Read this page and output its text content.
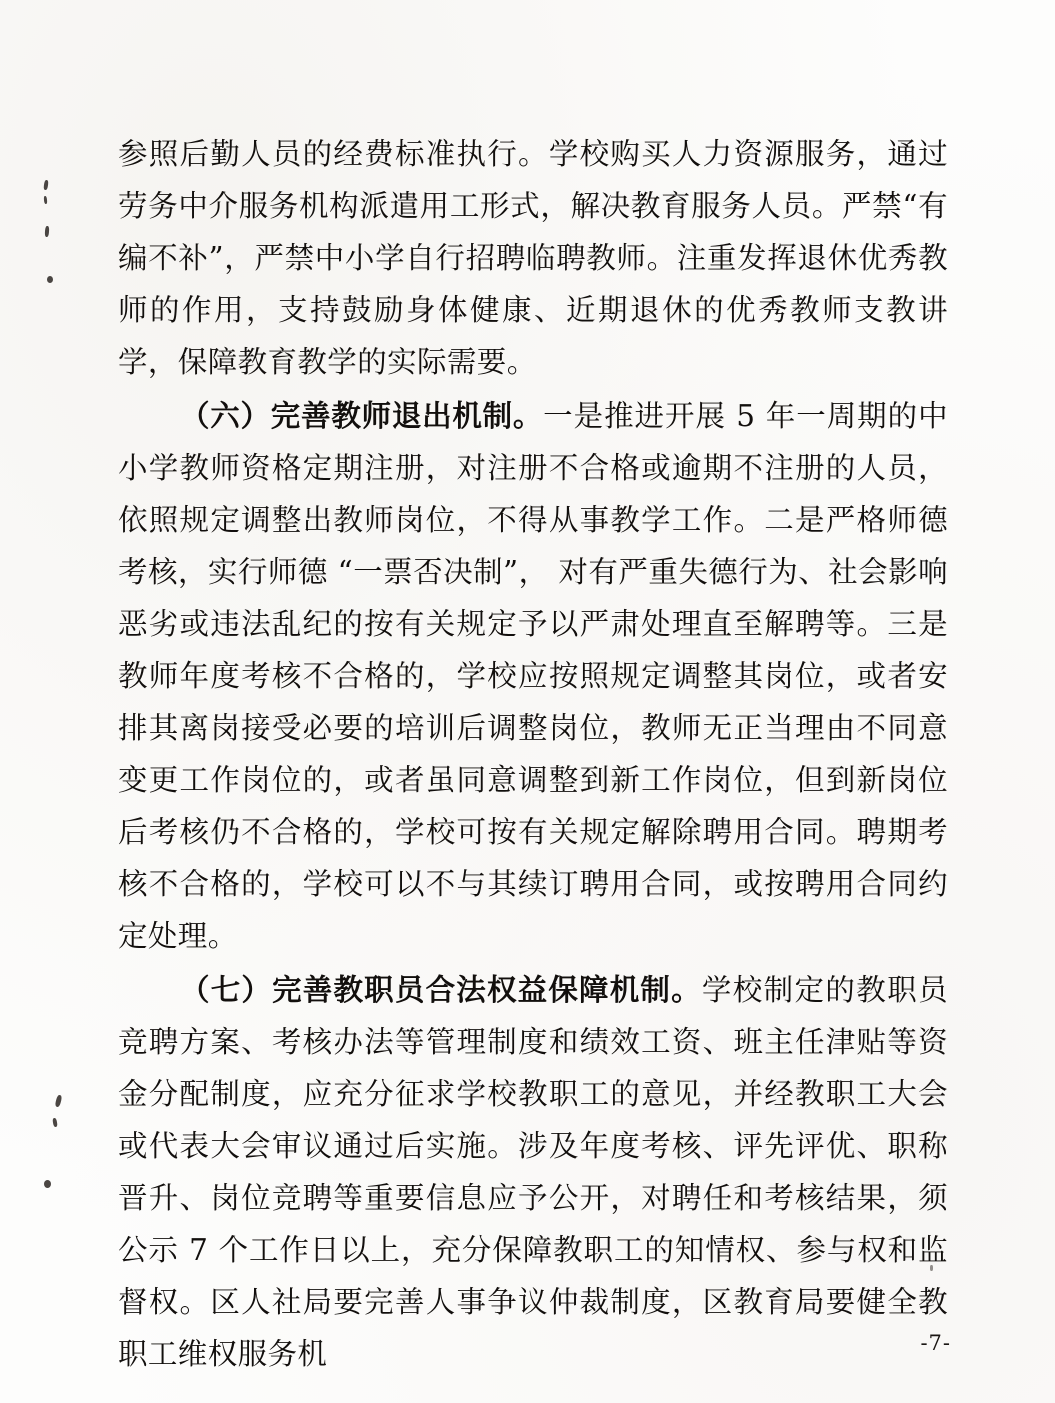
参照后勤人员的经费标准执行。学校购买人力资源服务，通过劳务中介服务机构派遣用工形式，解决教育服务人员。严禁“有编不补”，严禁中小学自行招聘临聘教师。注重发挥退休优秀教师的作用，支持鼓励身体健康、近期退休的优秀教师支教讲学，保障教育教学的实际需要。

（六）完善教师退出机制。一是推进开展 5 年一周期的中小学教师资格定期注册，对注册不合格或逾期不注册的人员，依照规定调整出教师岗位，不得从事教学工作。二是严格师德考核，实行师德 “一票否决制”， 对有严重失德行为、社会影响恶劣或违法乱纪的按有关规定予以严肃处理直至解聘等。三是教师年度考核不合格的，学校应按照规定调整其岗位，或者安排其离岗接受必要的培训后调整岗位，教师无正当理由不同意变更工作岗位的，或者虽同意调整到新工作岗位，但到新岗位后考核仍不合格的，学校可按有关规定解除聘用合同。聘期考核不合格的，学校可以不与其续订聘用合同，或按聘用合同约定处理。

（七）完善教职员合法权益保障机制。学校制定的教职员竞聘方案、考核办法等管理制度和绩效工资、班主任津贴等资金分配制度，应充分征求学校教职工的意见，并经教职工大会或代表大会审议通过后实施。涉及年度考核、评先评优、职称晋升、岗位竞聘等重要信息应予公开，对聘任和考核结果，须公示 7 个工作日以上，充分保障教职工的知情权、参与权和监督权。区人社局要完善人事争议仲裁制度，区教育局要健全教职工维权服务机	-7-
